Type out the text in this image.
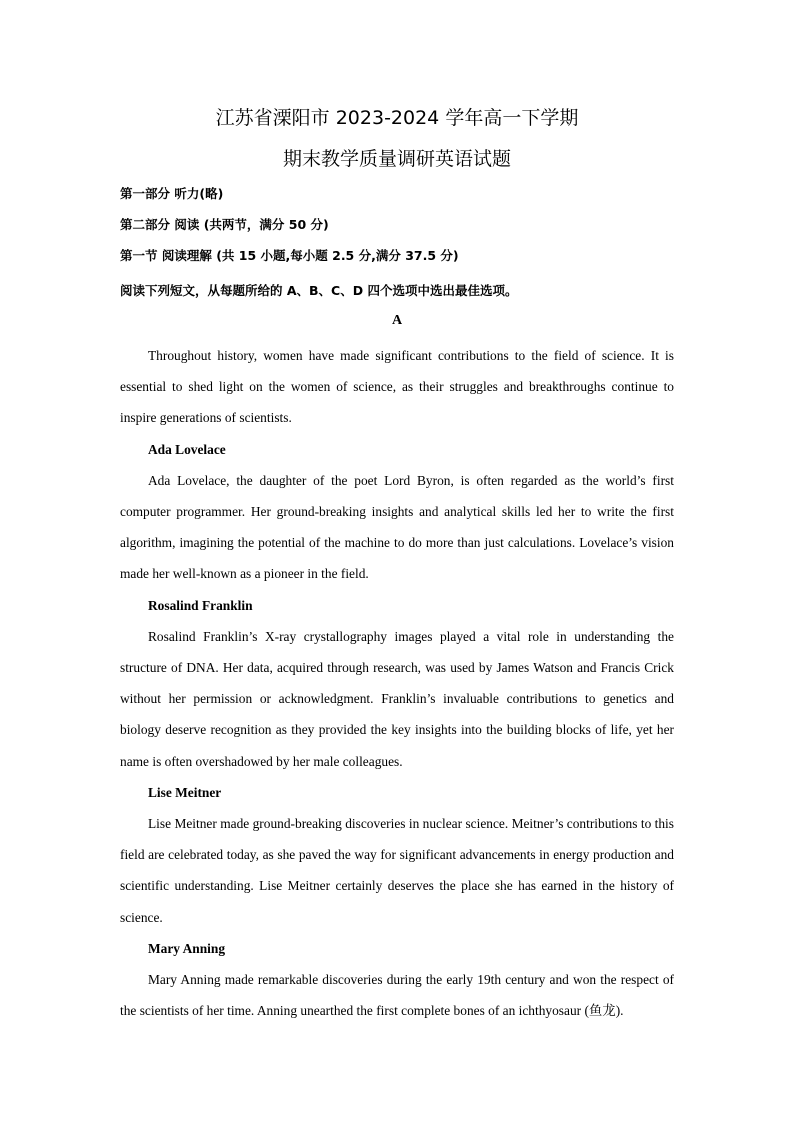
江苏省溧阳市 2023-2024 学年高一下学期
期末教学质量调研英语试题
第一部分 听力(略)
第二部分 阅读 (共两节，满分 50 分)
第一节 阅读理解 (共 15 小题,每小题 2.5 分,满分 37.5 分)
阅读下列短文，从每题所给的 A、B、C、D 四个选项中选出最佳选项。
A

Throughout history, women have made significant contributions to the field of science. It is essential to shed light on the women of science, as their struggles and breakthroughs continue to inspire generations of scientists.

Ada Lovelace

Ada Lovelace, the daughter of the poet Lord Byron, is often regarded as the world’s first computer programmer. Her ground-breaking insights and analytical skills led her to write the first algorithm, imagining the potential of the machine to do more than just calculations. Lovelace’s vision made her well-known as a pioneer in the field.

Rosalind Franklin

Rosalind Franklin’s X-ray crystallography images played a vital role in understanding the structure of DNA. Her data, acquired through research, was used by James Watson and Francis Crick without her permission or acknowledgment. Franklin’s invaluable contributions to genetics and biology deserve recognition as they provided the key insights into the building blocks of life, yet her name is often overshadowed by her male colleagues.

Lise Meitner

Lise Meitner made ground-breaking discoveries in nuclear science. Meitner’s contributions to this field are celebrated today, as she paved the way for significant advancements in energy production and scientific understanding. Lise Meitner certainly deserves the place she has earned in the history of science.

Mary Anning

Mary Anning made remarkable discoveries during the early 19th century and won the respect of the scientists of her time. Anning unearthed the first complete bones of an ichthyosaur (鱼龙).
